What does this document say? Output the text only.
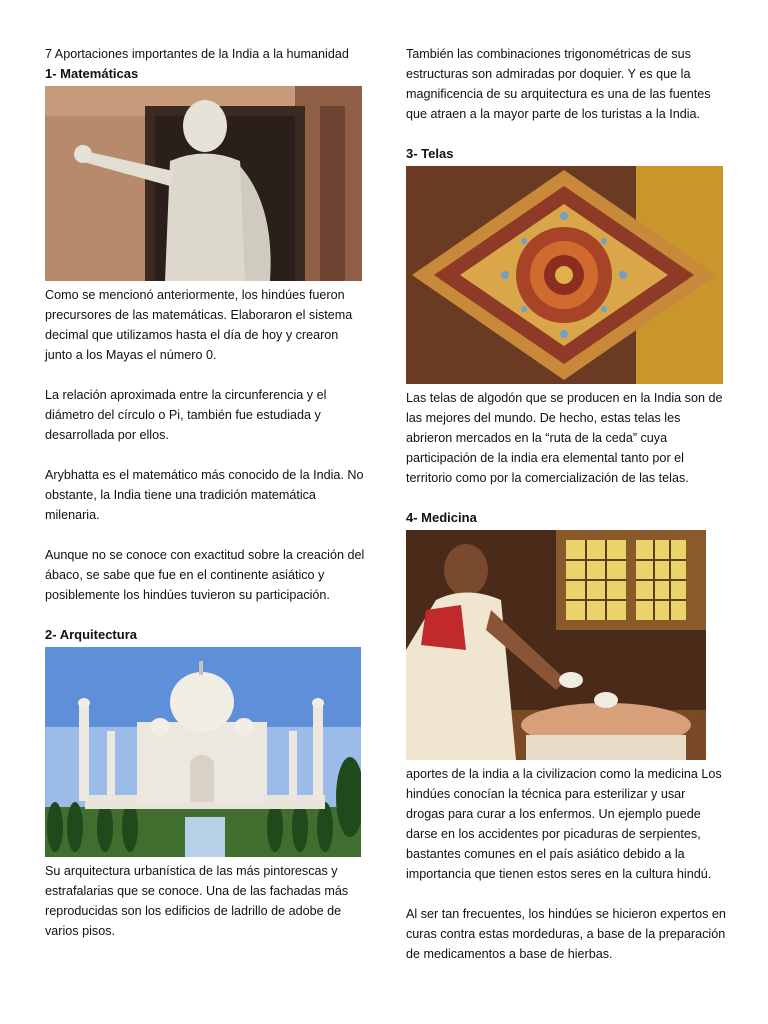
7 Aportaciones importantes de la India a la humanidad

1- Matemáticas

Como se mencionó anteriormente, los hindúes fueron precursores de las matemáticas. Elaboraron el sistema decimal que utilizamos hasta el día de hoy y crearon junto a los Mayas el número 0.

La relación aproximada entre la circunferencia y el diámetro del círculo o Pi, también fue estudiada y desarrollada por ellos.

Arybhatta es el matemático más conocido de la India. No obstante, la India tiene una tradición matemática milenaria.

Aunque no se conoce con exactitud sobre la creación del ábaco, se sabe que fue en el continente asiático y posiblemente los hindúes tuvieron su participación.

2- Arquitectura

Su arquitectura urbanística de las más pintorescas y estrafalarias que se conoce. Una de las fachadas más reproducidas son los edificios de ladrillo de adobe de varios pisos.

También las combinaciones trigonométricas de sus estructuras son admiradas por doquier. Y es que la magnificencia de su arquitectura es una de las fuentes que atraen a la mayor parte de los turistas a la India.

3- Telas

Las telas de algodón que se producen en la India son de las mejores del mundo. De hecho, estas telas les abrieron mercados en la “ruta de la ceda” cuya participación de la india era elemental tanto por el territorio como por la comercialización de las telas.

4- Medicina

aportes de la india a la civilizacion como la medicina Los hindúes conocían la técnica para esterilizar y usar drogas para curar a los enfermos. Un ejemplo puede darse en los accidentes por picaduras de serpientes, bastantes comunes en el país asiático debido a la importancia que tienen estos seres en la cultura hindú.

Al ser tan frecuentes, los hindúes se hicieron expertos en curas contra estas mordeduras, a base de la preparación de medicamentos a base de hierbas.
